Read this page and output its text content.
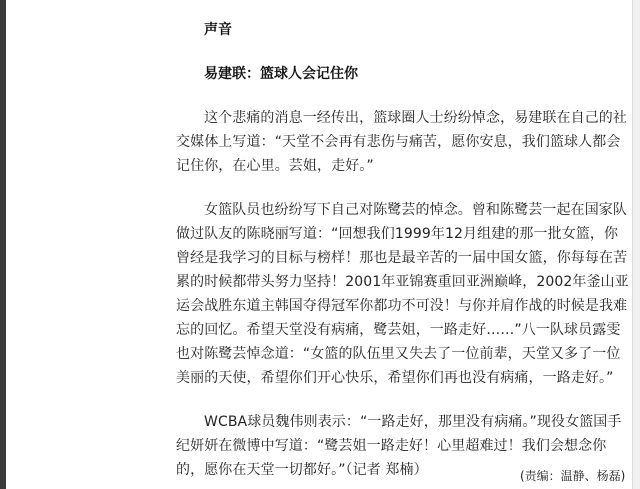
声音
易建联：篮球人会记住你

这个悲痛的消息一经传出，篮球圈人士纷纷悼念，易建联在自己的社交媒体上写道：“天堂不会再有悲伤与痛苦，愿你安息，我们篮球人都会记住你，在心里。芸姐，走好。”

女篮队员也纷纷写下自己对陈鹭芸的悼念。曾和陈鹭芸一起在国家队做过队友的陈晓丽写道：“回想我们1999年12月组建的那一批女篮，你曾经是我学习的目标与榜样！那也是最辛苦的一届中国女篮，你每每在苦累的时候都带头努力坚持！2001年亚锦赛重回亚洲巅峰，2002年釜山亚运会战胜东道主韩国夺得冠军你都功不可没！与你并肩作战的时候是我难忘的回忆。希望天堂没有病痛，鹭芸姐，一路走好……”八一队球员露雯也对陈鹭芸悼念道：“女篮的队伍里又失去了一位前辈，天堂又多了一位美丽的天使，希望你们开心快乐，希望你们再也没有病痛，一路走好。”

WCBA球员魏伟则表示：“一路走好，那里没有病痛。”现役女篮国手纪妍妍在微博中写道：“鹭芸姐一路走好！心里超难过！我们会想念你的，愿你在天堂一切都好。”（记者 郑楠）	(责编：温静、杨磊)
